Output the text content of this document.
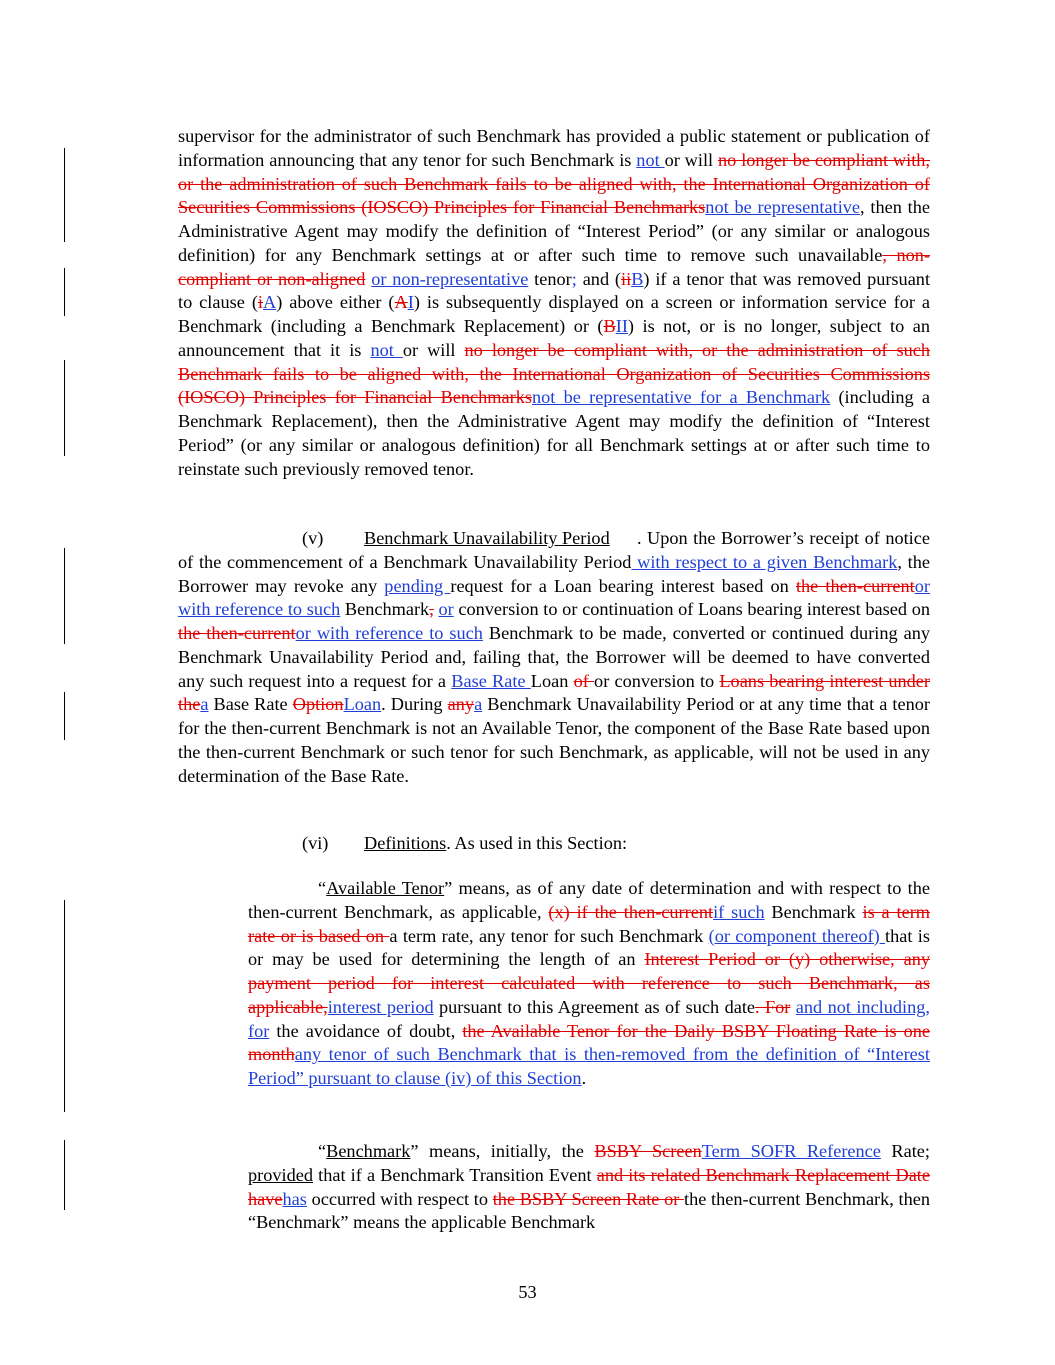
supervisor for the administrator of such Benchmark has provided a public statement or publication of information announcing that any tenor for such Benchmark is not or will no longer be compliant with, or the administration of such Benchmark fails to be aligned with, the International Organization of Securities Commissions (IOSCO) Principles for Financial Benchmarksnot be representative, then the Administrative Agent may modify the definition of “Interest Period” (or any similar or analogous definition) for any Benchmark settings at or after such time to remove such unavailable, non-compliant or non-aligned or non-representative tenor; and (iiB) if a tenor that was removed pursuant to clause (iA) above either (AI) is subsequently displayed on a screen or information service for a Benchmark (including a Benchmark Replacement) or (BII) is not, or is no longer, subject to an announcement that it is not or will no longer be compliant with, or the administration of such Benchmark fails to be aligned with, the International Organization of Securities Commissions (IOSCO) Principles for Financial Benchmarksnot be representative for a Benchmark (including a Benchmark Replacement), then the Administrative Agent may modify the definition of “Interest Period” (or any similar or analogous definition) for all Benchmark settings at or after such time to reinstate such previously removed tenor.

(v) Benchmark Unavailability Period	. Upon the Borrower’s receipt of notice of the commencement of a Benchmark Unavailability Period with respect to a given Benchmark, the Borrower may revoke any pending request for a Loan bearing interest based on the then-currentor with reference to such Benchmark, or conversion to or continuation of Loans bearing interest based on the then-currentor with reference to such Benchmark to be made, converted or continued during any Benchmark Unavailability Period and, failing that, the Borrower will be deemed to have converted any such request into a request for a Base Rate Loan of or conversion to Loans bearing interest under thea Base Rate OptionLoan. During anya Benchmark Unavailability Period or at any time that a tenor for the then-current Benchmark is not an Available Tenor, the component of the Base Rate based upon the then-current Benchmark or such tenor for such Benchmark, as applicable, will not be used in any determination of the Base Rate.

(vi) Definitions. As used in this Section:

“Available Tenor” means, as of any date of determination and with respect to the then-current Benchmark, as applicable, (x) if the then-currentif such Benchmark is a term rate or is based on a term rate, any tenor for such Benchmark (or component thereof) that is or may be used for determining the length of an Interest Period or (y) otherwise, any payment period for interest calculated with reference to such Benchmark, as applicable,interest period pursuant to this Agreement as of such date. For and not including, for the avoidance of doubt, the Available Tenor for the Daily BSBY Floating Rate is one monthany tenor of such Benchmark that is then-removed from the definition of “Interest Period” pursuant to clause (iv) of this Section.

“Benchmark” means, initially, the BSBY ScreenTerm SOFR Reference Rate; provided that if a Benchmark Transition Event and its related Benchmark Replacement Date havehas occurred with respect to the BSBY Screen Rate or the then-current Benchmark, then “Benchmark” means the applicable Benchmark

53
